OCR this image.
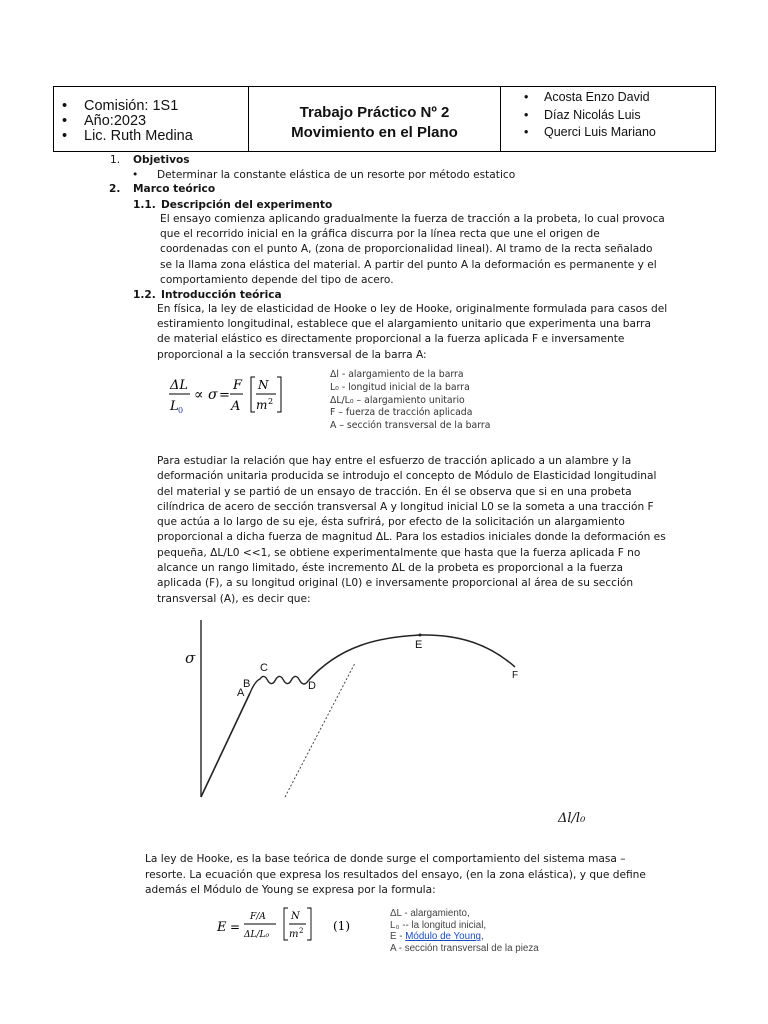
• Comisión: 1S1
• Año:2023
• Lic. Ruth Medina
Trabajo Práctico Nº 2
Movimiento en el Plano
• Acosta Enzo David
• Díaz Nicolás Luis
• Querci Luis Mariano
1. Objetivos
• Determinar la constante elástica de un resorte por método estatico
2. Marco teórico
1.1. Descripción del experimento
El ensayo comienza aplicando gradualmente la fuerza de tracción a la probeta, lo cual provoca
que el recorrido inicial en la gráfica discurra por la línea recta que une el origen de
coordenadas con el punto A, (zona de proporcionalidad lineal). Al tramo de la recta señalado
se la llama zona elástica del material. A partir del punto A la deformación es permanente y el
comportamiento depende del tipo de acero.
1.2. Introducción teórica
En física, la ley de elasticidad de Hooke o ley de Hooke, originalmente formulada para casos del
estiramiento longitudinal, establece que el alargamiento unitario que experimenta una barra
de material elástico es directamente proporcional a la fuerza aplicada F e inversamente
proporcional a la sección transversal de la barra A:
ΔL
L 0
∝ σ =
F
A
N
m 2
Δl - alargamiento de la barra
L₀ - longitud inicial de la barra
ΔL/L₀ – alargamiento unitario
F – fuerza de tracción aplicada
A – sección transversal de la barra
Para estudiar la relación que hay entre el esfuerzo de tracción aplicado a un alambre y la
deformación unitaria producida se introdujo el concepto de Módulo de Elasticidad longitudinal
del material y se partió de un ensayo de tracción. En él se observa que si en una probeta
cilíndrica de acero de sección transversal A y longitud inicial L0 se la someta a una tracción F
que actúa a lo largo de su eje, ésta sufrirá, por efecto de la solicitación un alargamiento
proporcional a dicha fuerza de magnitud ΔL. Para los estadios iniciales donde la deformación es
pequeña, ΔL/L0 <<1, se obtiene experimentalmente que hasta que la fuerza aplicada F no
alcance un rango limitado, éste incremento ΔL de la probeta es proporcional a la fuerza
aplicada (F), a su longitud original (L0) e inversamente proporcional al área de su sección
transversal (A), es decir que:
σ
Δl/l₀
A
B
C
D
E
F
La ley de Hooke, es la base teórica de donde surge el comportamiento del sistema masa –
resorte. La ecuación que expresa los resultados del ensayo, (en la zona elástica), y que define
además el Módulo de Young se expresa por la formula:
E =
F/A
ΔL/L₀
N
m 2 (1)
ΔL - alargamiento,
L₀ -- la longitud inicial,
E - Módulo de Young,
A - sección transversal de la pieza
